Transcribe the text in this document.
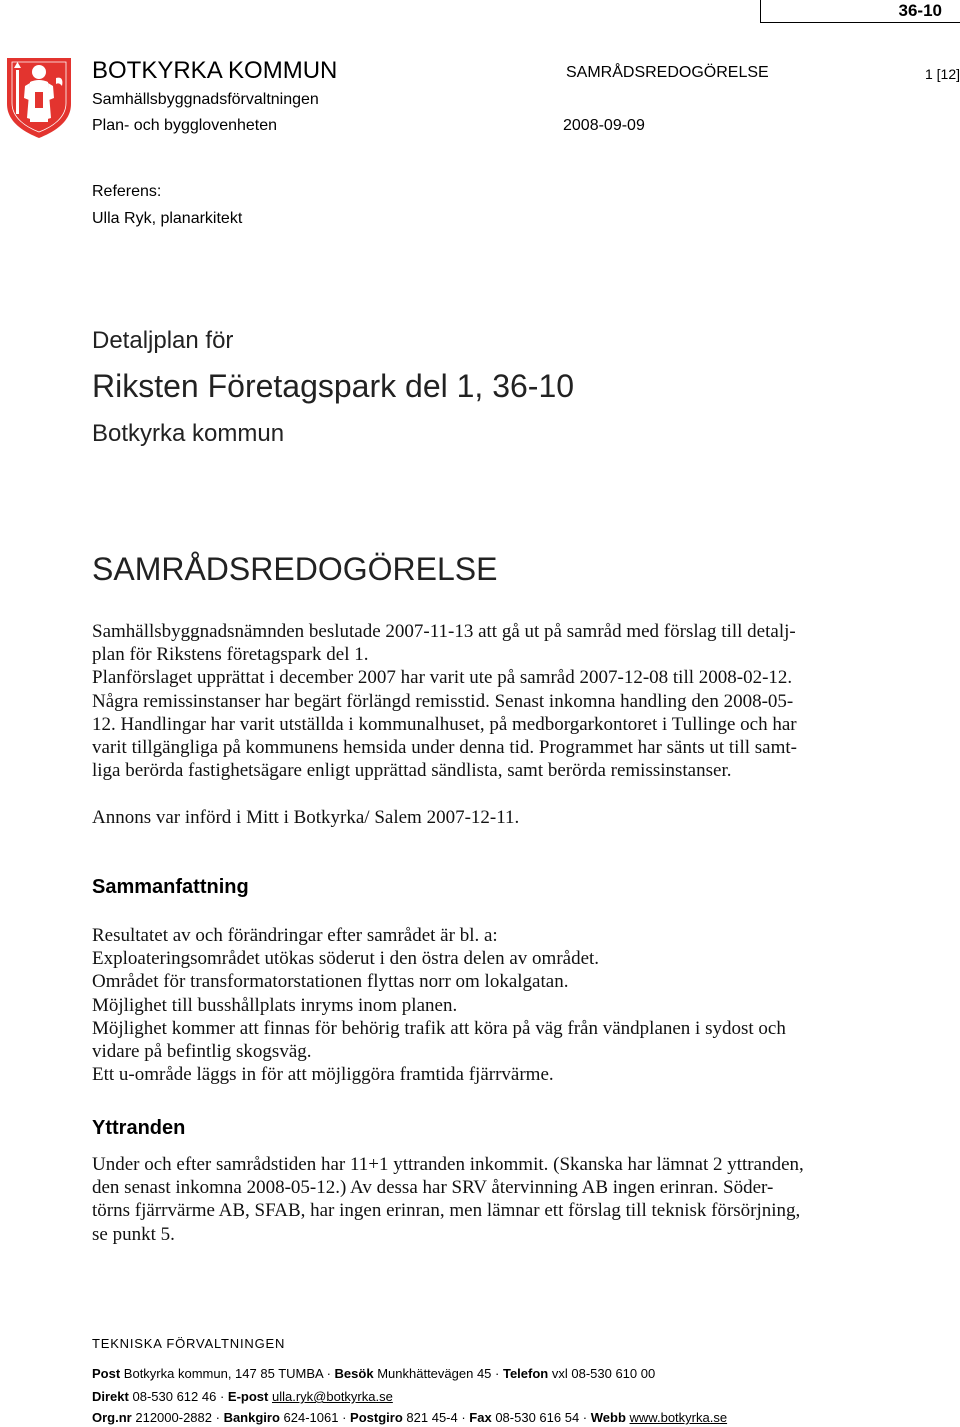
36-10
BOTKYRKA KOMMUN
Samhällsbyggnadsförvaltningen
Plan- och bygglovenheten
SAMRÅDSREDOGÖRELSE	1 [12]
2008-09-09
Referens:
Ulla Ryk, planarkitekt
Detaljplan för
Riksten Företagspark del 1, 36-10
Botkyrka kommun
SAMRÅDSREDOGÖRELSE
Samhällsbyggnadsnämnden beslutade 2007-11-13 att gå ut på samråd med förslag till detalj-
plan för Rikstens företagspark del 1.
Planförslaget upprättat i december 2007 har varit ute på samråd 2007-12-08 till 2008-02-12.
Några remissinstanser har begärt förlängd remisstid. Senast inkomna handling den 2008-05-
12. Handlingar har varit utställda i kommunalhuset, på medborgarkontoret i Tullinge och har
varit tillgängliga på kommunens hemsida under denna tid. Programmet har sänts ut till samt-
liga berörda fastighetsägare enligt upprättad sändlista, samt berörda remissinstanser.
Annons var införd i Mitt i Botkyrka/ Salem 2007-12-11.
Sammanfattning
Resultatet av och förändringar efter samrådet är bl. a:
Exploateringsområdet utökas söderut i den östra delen av området.
Området för transformatorstationen flyttas norr om lokalgatan.
Möjlighet till busshållplats inryms inom planen.
Möjlighet kommer att finnas för behörig trafik att köra på väg från vändplanen i sydost och
vidare på befintlig skogsväg.
Ett u-område läggs in för att möjliggöra framtida fjärrvärme.
Yttranden
Under och efter samrådstiden har 11+1 yttranden inkommit. (Skanska har lämnat 2 yttranden,
den senast inkomna 2008-05-12.) Av dessa har SRV återvinning AB ingen erinran. Söder-
törns fjärrvärme AB, SFAB, har ingen erinran, men lämnar ett förslag till teknisk försörjning,
se punkt 5.
TEKNISKA FÖRVALTNINGEN
Post Botkyrka kommun, 147 85 TUMBA · Besök Munkhättevägen 45 · Telefon vxl 08-530 610 00
Direkt 08-530 612 46 · E-post ulla.ryk@botkyrka.se
Org.nr 212000-2882 · Bankgiro 624-1061 · Postgiro 821 45-4 · Fax 08-530 616 54 · Webb www.botkyrka.se
